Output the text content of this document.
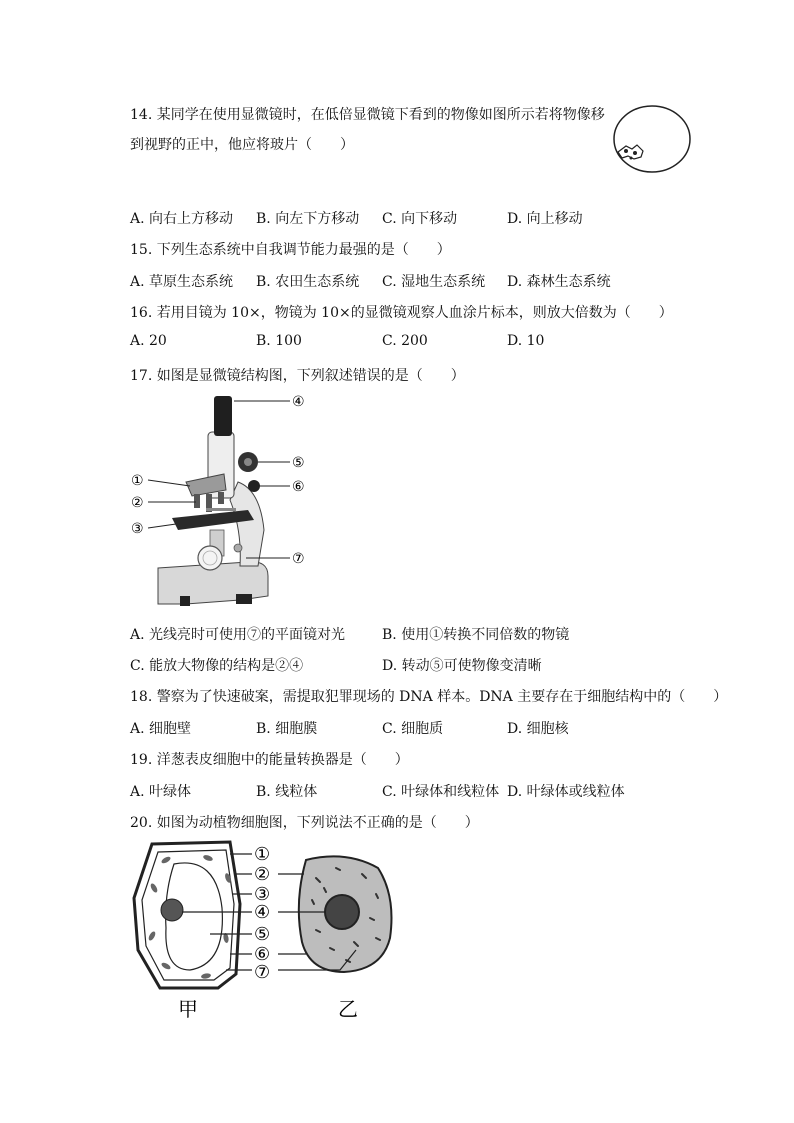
14. 某同学在使用显微镜时，在低倍显微镜下看到的物像如图所示若将物像移
到视野的正中，他应将玻片（　　）
A. 向右上方移动 B. 向左下方移动 C. 向下移动	D. 向上移动
15. 下列生态系统中自我调节能力最强的是（　　）
A. 草原生态系统 B. 农田生态系统 C. 湿地生态系统 D. 森林生态系统
16. 若用目镜为 10×，物镜为 10×的显微镜观察人血涂片标本，则放大倍数为（　　）
A. 20	B. 100	C. 200	D. 10
17. 如图是显微镜结构图，下列叙述错误的是（　　）
④
⑤
⑥
⑦
①
②
③
A. 光线亮时可使用⑦的平面镜对光	B. 使用①转换不同倍数的物镜
C. 能放大物像的结构是②④	D. 转动⑤可使物像变清晰
18. 警察为了快速破案，需提取犯罪现场的 DNA 样本。DNA 主要存在于细胞结构中的（　　）
A. 细胞壁	B. 细胞膜	C. 细胞质	D. 细胞核
19. 洋葱表皮细胞中的能量转换器是（　　）
A. 叶绿体	B. 线粒体	C. 叶绿体和线粒体 D. 叶绿体或线粒体
20. 如图为动植物细胞图，下列说法不正确的是（　　）
①
②
③
④
⑤
⑥
⑦
甲	乙
